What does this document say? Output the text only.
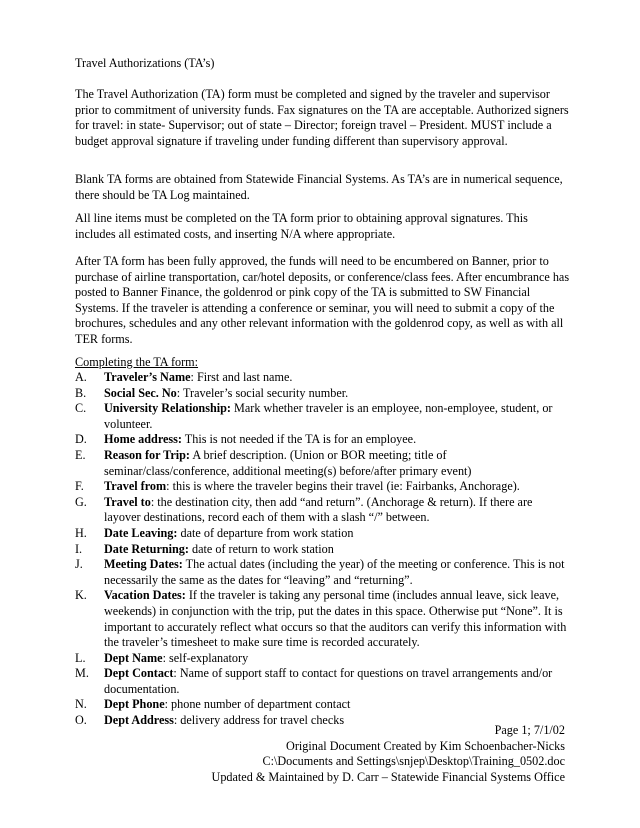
Travel Authorizations (TA’s)

The Travel Authorization (TA) form must be completed and signed by the traveler and supervisor prior to commitment of university funds. Fax signatures on the TA are acceptable. Authorized signers for travel: in state- Supervisor; out of state – Director; foreign travel – President. MUST include a budget approval signature if traveling under funding different than supervisory approval.

Blank TA forms are obtained from Statewide Financial Systems. As TA’s are in numerical sequence, there should be TA Log maintained.

All line items must be completed on the TA form prior to obtaining approval signatures. This includes all estimated costs, and inserting N/A where appropriate.

After TA form has been fully approved, the funds will need to be encumbered on Banner, prior to purchase of airline transportation, car/hotel deposits, or conference/class fees. After encumbrance has posted to Banner Finance, the goldenrod or pink copy of the TA is submitted to SW Financial Systems. If the traveler is attending a conference or seminar, you will need to submit a copy of the brochures, schedules and any other relevant information with the goldenrod copy, as well as with all TER forms.

Completing the TA form:
A. Traveler’s Name: First and last name.
B. Social Sec. No: Traveler’s social security number.
C. University Relationship: Mark whether traveler is an employee, non-employee, student, or volunteer.
D. Home address: This is not needed if the TA is for an employee.
E. Reason for Trip: A brief description. (Union or BOR meeting; title of seminar/class/conference, additional meeting(s) before/after primary event)
F. Travel from: this is where the traveler begins their travel (ie: Fairbanks, Anchorage).
G. Travel to: the destination city, then add “and return”. (Anchorage & return). If there are layover destinations, record each of them with a slash “/” between.
H. Date Leaving: date of departure from work station
I. Date Returning: date of return to work station
J. Meeting Dates: The actual dates (including the year) of the meeting or conference. This is not necessarily the same as the dates for “leaving” and “returning”.
K. Vacation Dates: If the traveler is taking any personal time (includes annual leave, sick leave, weekends) in conjunction with the trip, put the dates in this space. Otherwise put “None”. It is important to accurately reflect what occurs so that the auditors can verify this information with the traveler’s timesheet to make sure time is recorded accurately.
L. Dept Name: self-explanatory
M. Dept Contact: Name of support staff to contact for questions on travel arrangements and/or documentation.
N. Dept Phone: phone number of department contact
O. Dept Address: delivery address for travel checks
Page 1; 7/1/02
Original Document Created by Kim Schoenbacher-Nicks
C:\Documents and Settings\snjep\Desktop\Training_0502.doc
Updated & Maintained by D. Carr – Statewide Financial Systems Office
